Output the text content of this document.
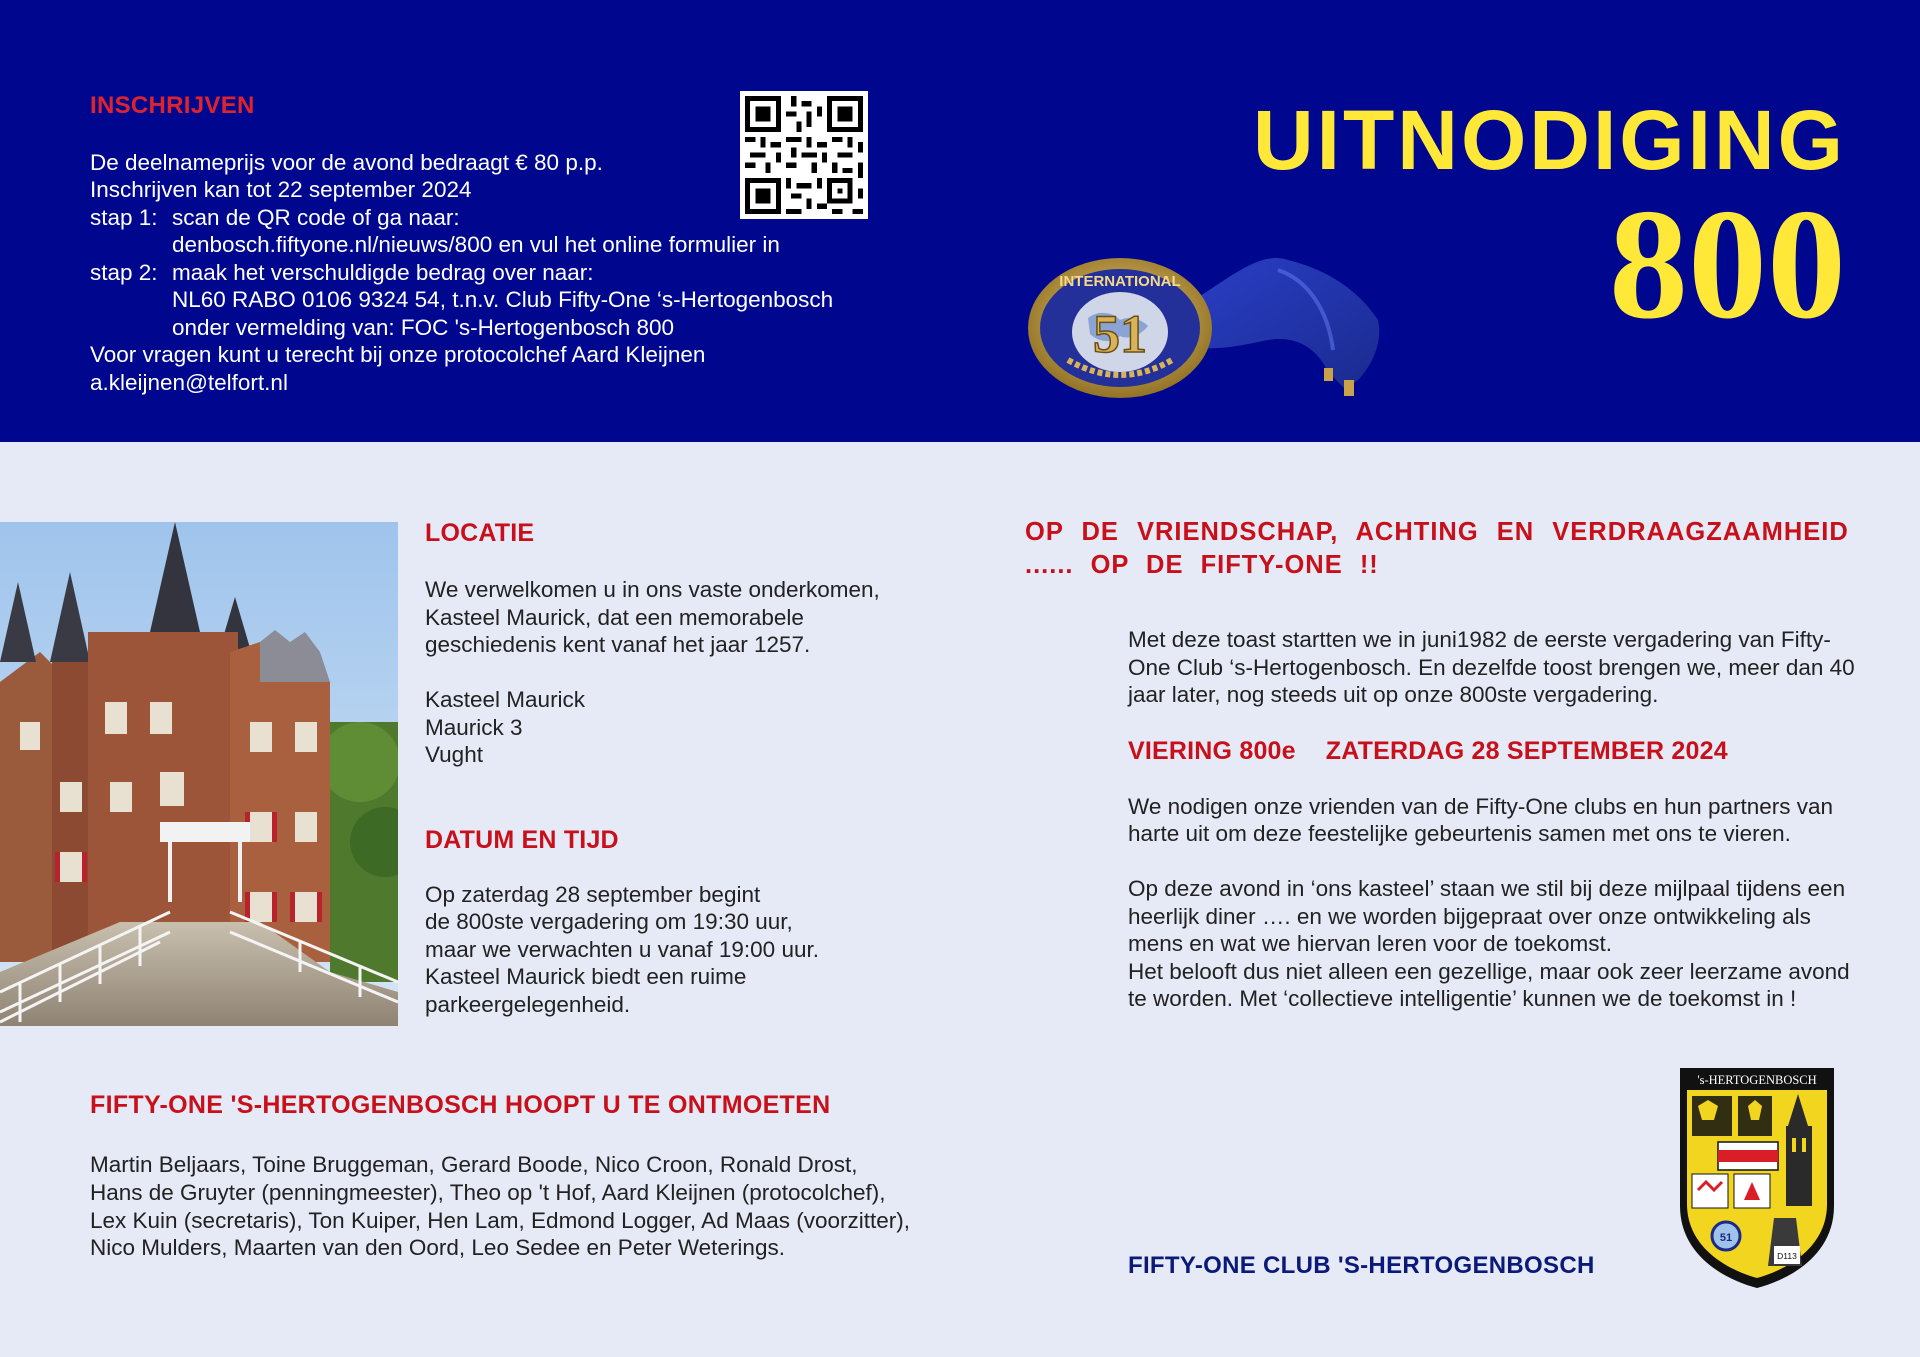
INSCHRIJVEN
De deelnameprijs voor de avond bedraagt € 80 p.p.
Inschrijven kan tot 22 september 2024
stap 1: scan de QR code of ga naar:
denbosch.fiftyone.nl/nieuws/800 en vul het online formulier in
stap 2: maak het verschuldigde bedrag over naar:
NL60 RABO 0106 9324 54, t.n.v. Club Fifty-One ‘s-Hertogenbosch
onder vermelding van: FOC 's-Hertogenbosch 800
Voor vragen kunt u terecht bij onze protocolchef Aard Kleijnen
a.kleijnen@telfort.nl
UITNODIGING
800
INTERNATIONAL
51
LOCATIE
We verwelkomen u in ons vaste onderkomen,
Kasteel Maurick, dat een memorabele
geschiedenis kent vanaf het jaar 1257.
Kasteel Maurick
Maurick 3
Vught
DATUM EN TIJD
Op zaterdag 28 september begint
de 800ste vergadering om 19:30 uur,
maar we verwachten u vanaf 19:00 uur.
Kasteel Maurick biedt een ruime
parkeergelegenheid.
OP DE VRIENDSCHAP, ACHTING EN VERDRAAGZAAMHEID
...... OP DE FIFTY-ONE !!
Met deze toast startten we in juni1982 de eerste vergadering van Fifty-
One Club ‘s-Hertogenbosch. En dezelfde toost brengen we, meer dan 40
jaar later, nog steeds uit op onze 800ste vergadering.
VIERING 800e ZATERDAG 28 SEPTEMBER 2024
We nodigen onze vrienden van de Fifty-One clubs en hun partners van
harte uit om deze feestelijke gebeurtenis samen met ons te vieren.
Op deze avond in ‘ons kasteel’ staan we stil bij deze mijlpaal tijdens een
heerlijk diner …. en we worden bijgepraat over onze ontwikkeling als
mens en wat we hiervan leren voor de toekomst.
Het belooft dus niet alleen een gezellige, maar ook zeer leerzame avond
te worden. Met ‘collectieve intelligentie’ kunnen we de toekomst in !
FIFTY-ONE 'S-HERTOGENBOSCH HOOPT U TE ONTMOETEN
Martin Beljaars, Toine Bruggeman, Gerard Boode, Nico Croon, Ronald Drost,
Hans de Gruyter (penningmeester), Theo op 't Hof, Aard Kleijnen (protocolchef),
Lex Kuin (secretaris), Ton Kuiper, Hen Lam, Edmond Logger, Ad Maas (voorzitter),
Nico Mulders, Maarten van den Oord, Leo Sedee en Peter Weterings.
FIFTY-ONE CLUB 'S-HERTOGENBOSCH
's-HERTOGENBOSCH
51
D113
